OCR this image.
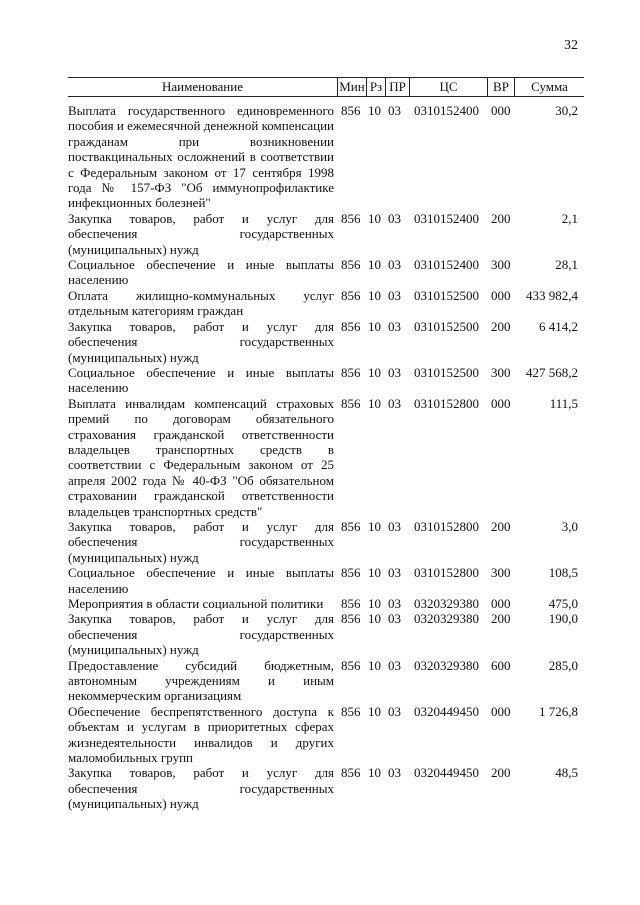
32
Наименование	Мин Рз ПР	ЦС	ВР	Сумма
Выплата государственного единовременного пособия и ежемесячной денежной компенсации гражданам при возникновении поствакцинальных осложнений в соответствии с Федеральным законом от 17 сентября 1998 года № 157-ФЗ "Об иммунопрофилактике инфекционных болезней"
856 10 03	0310152400 000	30,2
Закупка товаров, работ и услуг для обеспечения государственных (муниципальных) нужд
856 10 03	0310152400 200	2,1
Социальное обеспечение и иные выплаты населению
856 10 03	0310152400 300	28,1
Оплата жилищно-коммунальных услуг отдельным категориям граждан
856 10 03	0310152500 000	433 982,4
Закупка товаров, работ и услуг для обеспечения государственных (муниципальных) нужд
856 10 03	0310152500 200	6 414,2
Социальное обеспечение и иные выплаты населению
856 10 03	0310152500 300	427 568,2
Выплата инвалидам компенсаций страховых премий по договорам обязательного страхования гражданской ответственности владельцев транспортных средств в соответствии с Федеральным законом от 25 апреля 2002 года № 40-ФЗ "Об обязательном страховании гражданской ответственности владельцев транспортных средств"
856 10 03	0310152800 000	111,5
Закупка товаров, работ и услуг для обеспечения государственных (муниципальных) нужд
856 10 03	0310152800 200	3,0
Социальное обеспечение и иные выплаты населению
856 10 03	0310152800 300	108,5
Мероприятия в области социальной политики	856 10 03	0320329380 000	475,0
Закупка товаров, работ и услуг для обеспечения государственных (муниципальных) нужд
856 10 03	0320329380 200	190,0
Предоставление субсидий бюджетным, автономным учреждениям и иным некоммерческим организациям
856 10 03	0320329380 600	285,0
Обеспечение беспрепятственного доступа к объектам и услугам в приоритетных сферах жизнедеятельности инвалидов и других маломобильных групп
856 10 03	0320449450 000	1 726,8
Закупка товаров, работ и услуг для обеспечения государственных (муниципальных) нужд
856 10 03	0320449450 200	48,5
